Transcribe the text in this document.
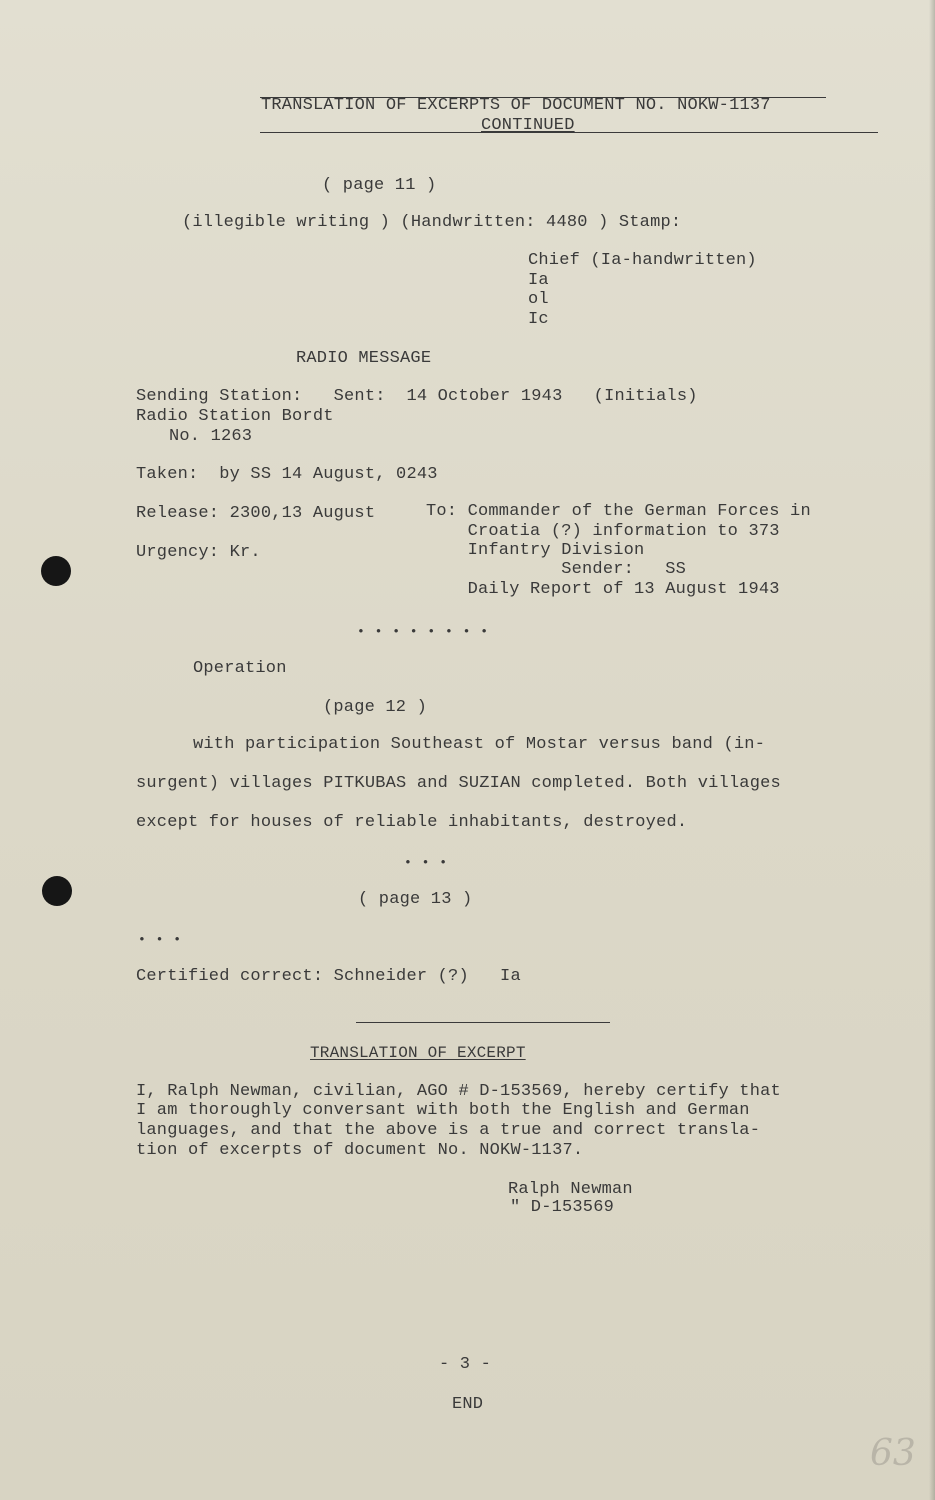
TRANSLATION OF EXCERPTS OF DOCUMENT NO. NOKW-1137
CONTINUED
( page 11 )
(illegible writing ) (Handwritten: 4480 ) Stamp:
Chief (Ia-handwritten)
Ia
ol
Ic
RADIO MESSAGE
Sending Station:   Sent:  14 October 1943   (Initials)
Radio Station Bordt
No. 1263
Taken:  by SS 14 August, 0243
Release: 2300,13 August
Urgency: Kr.
To: Commander of the German Forces in
Croatia (?) information to 373
Infantry Division
Sender:   SS
Daily Report of 13 August 1943
• • • • • • • •
Operation
(page 12 )
with participation Southeast of Mostar versus band (in-
surgent) villages PITKUBAS and SUZIAN completed. Both villages
except for houses of reliable inhabitants, destroyed.
• • •
( page 13 )
• • •
Certified correct: Schneider (?)   Ia
TRANSLATION OF EXCERPT
I, Ralph Newman, civilian, AGO # D-153569, hereby certify that
I am thoroughly conversant with both the English and German
languages, and that the above is a true and correct transla-
tion of excerpts of document No. NOKW-1137.
Ralph Newman
" D-153569
- 3 -
END
63
